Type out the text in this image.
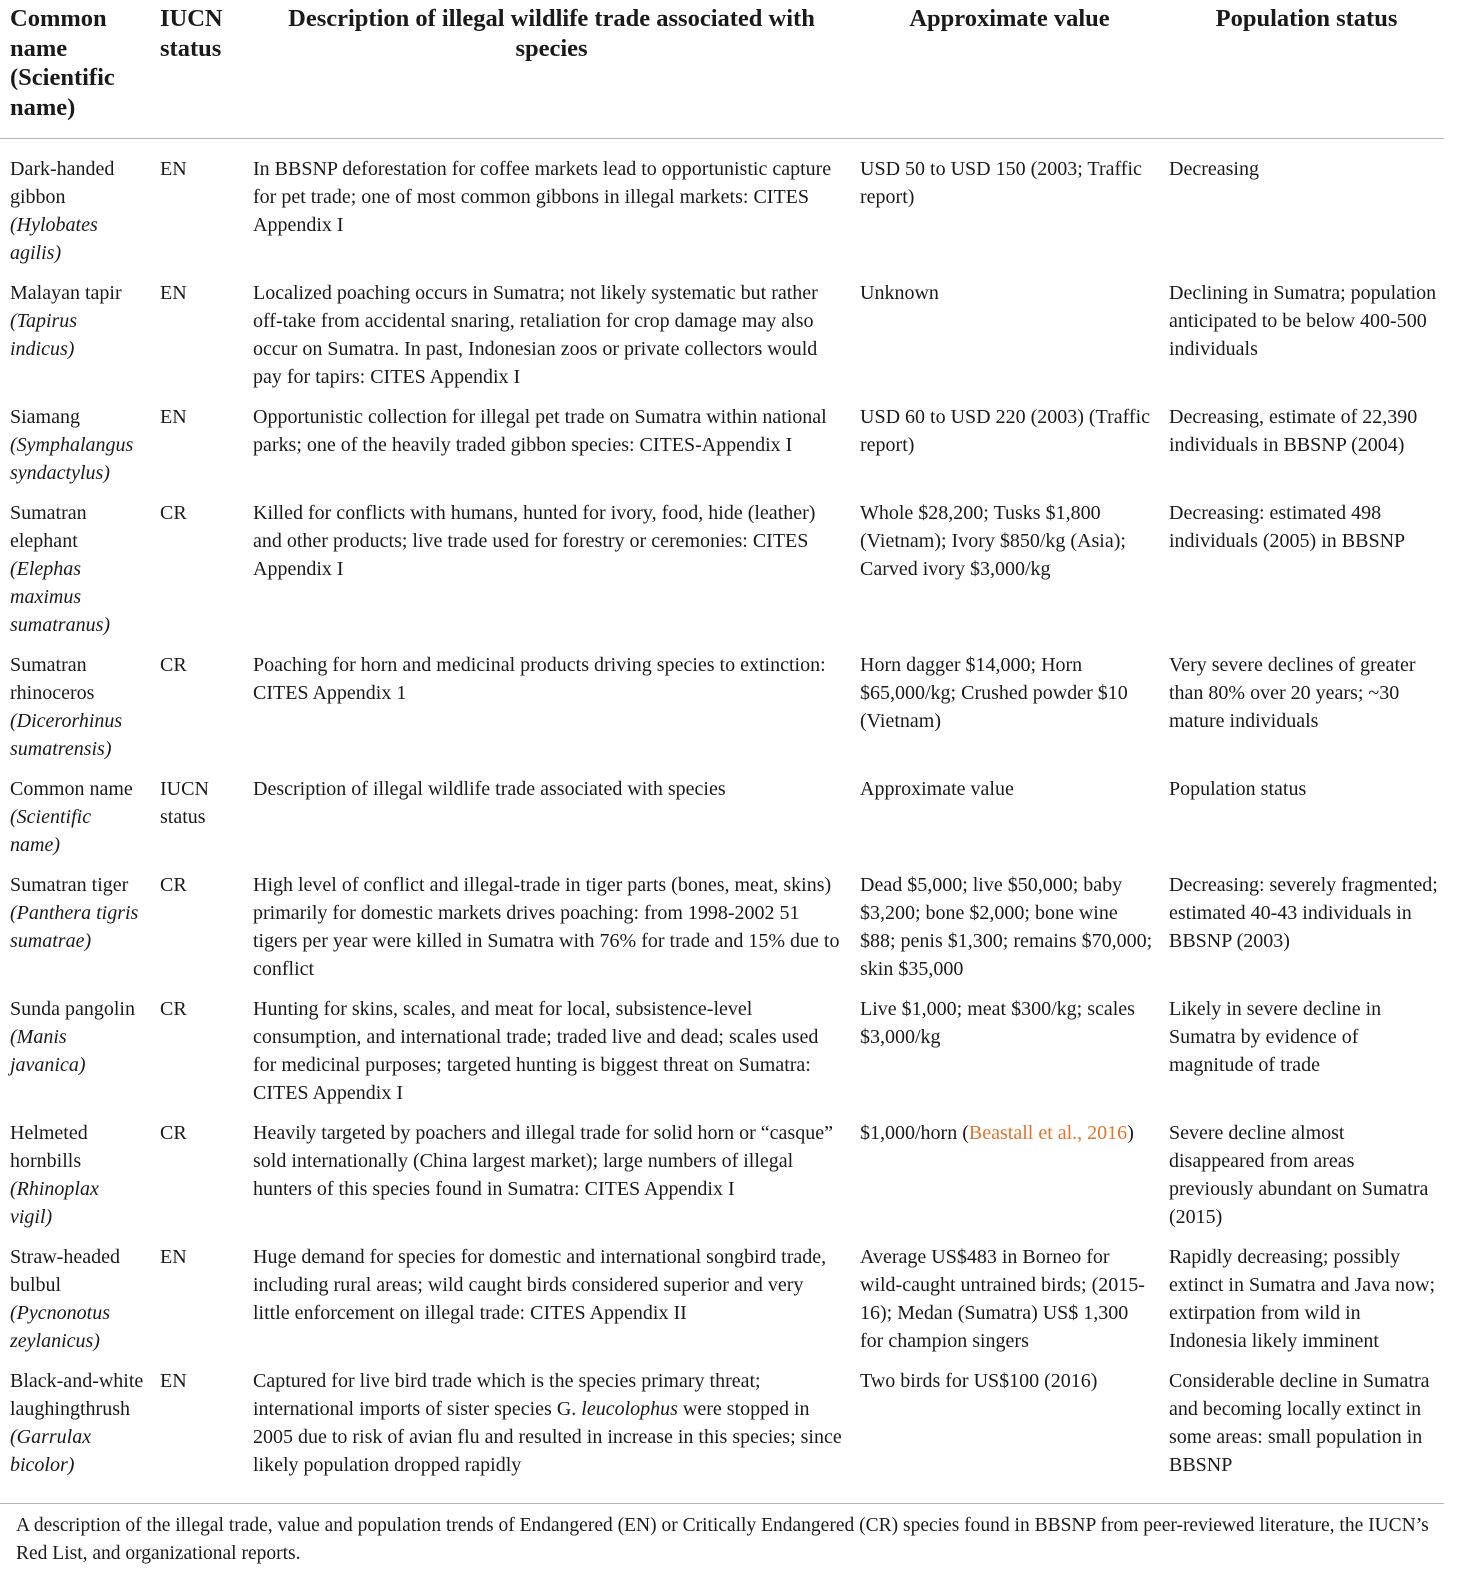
Common name (Scientific name)	IUCN status	Description of illegal wildlife trade associated with species	Approximate value	Population status
Dark-handed gibbon (Hylobates agilis)	EN	In BBSNP deforestation for coffee markets lead to opportunistic capture for pet trade; one of most common gibbons in illegal markets: CITES Appendix I	USD 50 to USD 150 (2003; Traffic report)	Decreasing
Malayan tapir (Tapirus indicus)	EN	Localized poaching occurs in Sumatra; not likely systematic but rather off-take from accidental snaring, retaliation for crop damage may also occur on Sumatra. In past, Indonesian zoos or private collectors would pay for tapirs: CITES Appendix I	Unknown	Declining in Sumatra; population anticipated to be below 400-500 individuals
Siamang (Symphalangus syndactylus)	EN	Opportunistic collection for illegal pet trade on Sumatra within national parks; one of the heavily traded gibbon species: CITES-Appendix I	USD 60 to USD 220 (2003) (Traffic report)	Decreasing, estimate of 22,390 individuals in BBSNP (2004)
Sumatran elephant (Elephas maximus sumatranus)	CR	Killed for conflicts with humans, hunted for ivory, food, hide (leather) and other products; live trade used for forestry or ceremonies: CITES Appendix I	Whole $28,200; Tusks $1,800 (Vietnam); Ivory $850/kg (Asia); Carved ivory $3,000/kg	Decreasing: estimated 498 individuals (2005) in BBSNP
Sumatran rhinoceros (Dicerorhinus sumatrensis)	CR	Poaching for horn and medicinal products driving species to extinction: CITES Appendix 1	Horn dagger $14,000; Horn $65,000/kg; Crushed powder $10 (Vietnam)	Very severe declines of greater than 80% over 20 years; ~30 mature individuals
Common name (Scientific name)	IUCN status	Description of illegal wildlife trade associated with species	Approximate value	Population status
Sumatran tiger (Panthera tigris sumatrae)	CR	High level of conflict and illegal-trade in tiger parts (bones, meat, skins) primarily for domestic markets drives poaching: from 1998-2002 51 tigers per year were killed in Sumatra with 76% for trade and 15% due to conflict	Dead $5,000; live $50,000; baby $3,200; bone $2,000; bone wine $88; penis $1,300; remains $70,000; skin $35,000	Decreasing: severely fragmented; estimated 40-43 individuals in BBSNP (2003)
Sunda pangolin (Manis javanica)	CR	Hunting for skins, scales, and meat for local, subsistence-level consumption, and international trade; traded live and dead; scales used for medicinal purposes; targeted hunting is biggest threat on Sumatra: CITES Appendix I	Live $1,000; meat $300/kg; scales $3,000/kg	Likely in severe decline in Sumatra by evidence of magnitude of trade
Helmeted hornbills (Rhinoplax vigil)	CR	Heavily targeted by poachers and illegal trade for solid horn or “casque” sold internationally (China largest market); large numbers of illegal hunters of this species found in Sumatra: CITES Appendix I	$1,000/horn (Beastall et al., 2016)	Severe decline almost disappeared from areas previously abundant on Sumatra (2015)
Straw-headed bulbul (Pycnonotus zeylanicus)	EN	Huge demand for species for domestic and international songbird trade, including rural areas; wild caught birds considered superior and very little enforcement on illegal trade: CITES Appendix II	Average US$483 in Borneo for wild-caught untrained birds; (2015-16); Medan (Sumatra) US$ 1,300 for champion singers	Rapidly decreasing; possibly extinct in Sumatra and Java now; extirpation from wild in Indonesia likely imminent
Black-and-white laughingthrush (Garrulax bicolor)	EN	Captured for live bird trade which is the species primary threat; international imports of sister species G. leucolophus were stopped in 2005 due to risk of avian flu and resulted in increase in this species; since likely population dropped rapidly	Two birds for US$100 (2016)	Considerable decline in Sumatra and becoming locally extinct in some areas: small population in BBSNP
A description of the illegal trade, value and population trends of Endangered (EN) or Critically Endangered (CR) species found in BBSNP from peer-reviewed literature, the IUCN’s Red List, and organizational reports.
